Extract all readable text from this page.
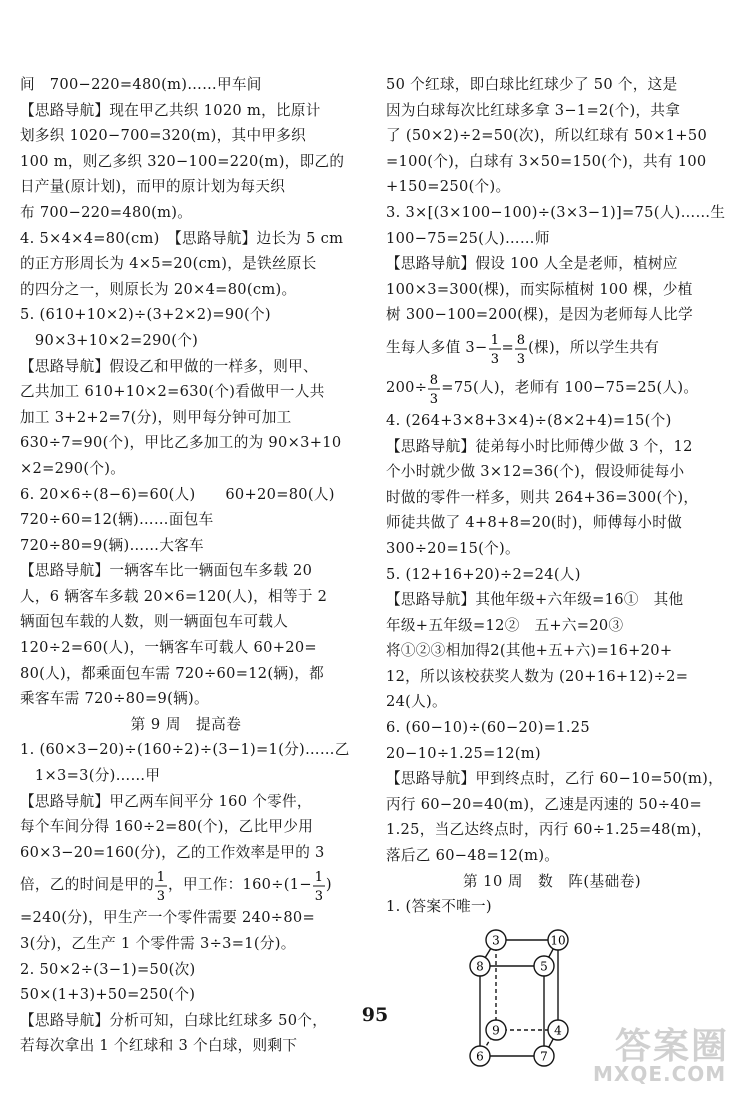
间　700−220=480(m)……甲车间
【思路导航】现在甲乙共织 1020 m，比原计
划多织 1020−700=320(m)，其中甲多织
100 m，则乙多织 320−100=220(m)，即乙的
日产量(原计划)，而甲的原计划为每天织
布 700−220=480(m)。
4. 5×4×4=80(cm)　【思路导航】边长为 5 cm
的正方形周长为 4×5=20(cm)，是铁丝原长
的四分之一，则原长为 20×4=80(cm)。
5. (610+10×2)÷(3+2×2)=90(个)
　90×3+10×2=290(个)
【思路导航】假设乙和甲做的一样多，则甲、
乙共加工 610+10×2=630(个)看做甲一人共
加工 3+2+2=7(分)，则甲每分钟可加工
630÷7=90(个)，甲比乙多加工的为 90×3+10
×2=290(个)。
6. 20×6÷(8−6)=60(人)　　60+20=80(人)
720÷60=12(辆)……面包车
720÷80=9(辆)……大客车
【思路导航】一辆客车比一辆面包车多载 20
人，6 辆客车多载 20×6=120(人)，相等于 2
辆面包车载的人数，则一辆面包车可载人
120÷2=60(人)，一辆客车可载人 60+20=
80(人)，都乘面包车需 720÷60=12(辆)，都
乘客车需 720÷80=9(辆)。
第 9 周　提高卷
1. (60×3−20)÷(160÷2)÷(3−1)=1(分)……乙
　1×3=3(分)……甲
【思路导航】甲乙两车间平分 160 个零件，
每个车间分得 160÷2=80(个)，乙比甲少用
60×3−20=160(分)，乙的工作效率是甲的 3
倍，乙的时间是甲的 1
3
，甲工作：160÷(1− 1
3
)
=240(分)，甲生产一个零件需要 240÷80=
3(分)，乙生产 1 个零件需 3÷3=1(分)。
2. 50×2÷(3−1)=50(次)
50×(1+3)+50=250(个)
【思路导航】分析可知，白球比红球多 50个，
若每次拿出 1 个红球和 3 个白球，则剩下
50 个红球，即白球比红球少了 50 个，这是
因为白球每次比红球多拿 3−1=2(个)，共拿
了 (50×2)÷2=50(次)，所以红球有 50×1+50
=100(个)，白球有 3×50=150(个)，共有 100
+150=250(个)。
3. 3×[(3×100−100)÷(3×3−1)]=75(人)……生
100−75=25(人)……师
【思路导航】假设 100 人全是老师，植树应
100×3=300(棵)，而实际植树 100 棵，少植
树 300−100=200(棵)，是因为老师每人比学
生每人多值 3− 1
3
= 8
3
(棵)，所以学生共有
200÷ 8
3
=75(人)，老师有 100−75=25(人)。
4. (264+3×8+3×4)÷(8×2+4)=15(个)
【思路导航】徒弟每小时比师傅少做 3 个，12
个小时就少做 3×12=36(个)，假设师徒每小
时做的零件一样多，则共 264+36=300(个)，
师徒共做了 4+8+8=20(时)，师傅每小时做
300÷20=15(个)。
5. (12+16+20)÷2=24(人)
【思路导航】其他年级+六年级=16①　其他
年级+五年级=12②　五+六=20③
将①②③相加得2(其他+五+六)=16+20+
12，所以该校获奖人数为 (20+16+12)÷2=
24(人)。
6. (60−10)÷(60−20)=1.25
20−10÷1.25=12(m)
【思路导航】甲到终点时，乙行 60−10=50(m)，
丙行 60−20=40(m)，乙速是丙速的 50÷40=
1.25，当乙达终点时，丙行 60÷1.25=48(m)，
落后乙 60−48=12(m)。
第 10 周　数　阵(基础卷)
1. (答案不唯一)
3	10
8	5
9	4
6	7
95
答案圈
MXQE.COM
